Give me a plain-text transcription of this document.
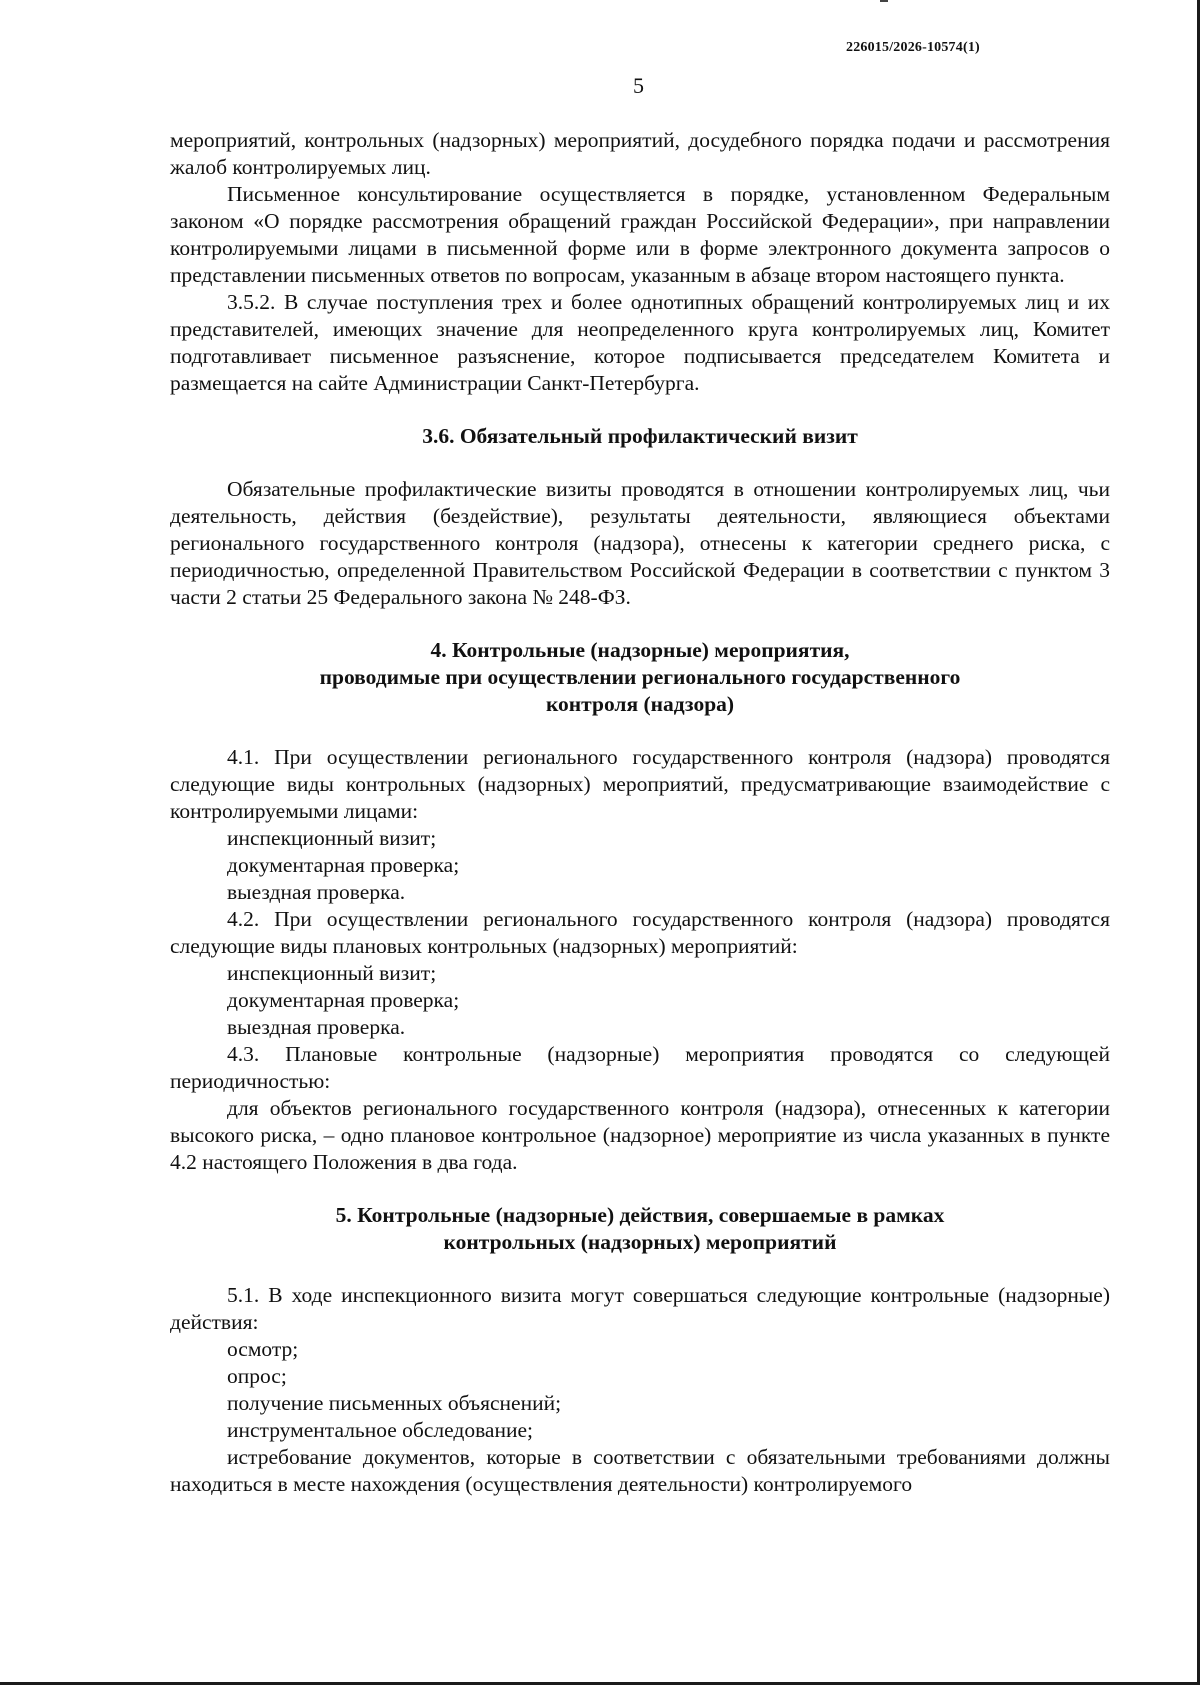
226015/2026-10574(1)
5

мероприятий, контрольных (надзорных) мероприятий, досудебного порядка подачи и рассмотрения жалоб контролируемых лиц.

Письменное консультирование осуществляется в порядке, установленном Федеральным законом «О порядке рассмотрения обращений граждан Российской Федерации», при направлении контролируемыми лицами в письменной форме или в форме электронного документа запросов о представлении письменных ответов по вопросам, указанным в абзаце втором настоящего пункта.

3.5.2. В случае поступления трех и более однотипных обращений контролируемых лиц и их представителей, имеющих значение для неопределенного круга контролируемых лиц, Комитет подготавливает письменное разъяснение, которое подписывается председателем Комитета и размещается на сайте Администрации Санкт-Петербурга.

3.6. Обязательный профилактический визит

Обязательные профилактические визиты проводятся в отношении контролируемых лиц, чьи деятельность, действия (бездействие), результаты деятельности, являющиеся объектами регионального государственного контроля (надзора), отнесены к категории среднего риска, с периодичностью, определенной Правительством Российской Федерации в соответствии с пунктом 3 части 2 статьи 25 Федерального закона № 248-ФЗ.

4. Контрольные (надзорные) мероприятия,
проводимые при осуществлении регионального государственного
контроля (надзора)

4.1. При осуществлении регионального государственного контроля (надзора) проводятся следующие виды контрольных (надзорных) мероприятий, предусматривающие взаимодействие с контролируемыми лицами:

инспекционный визит;

документарная проверка;

выездная проверка.

4.2. При осуществлении регионального государственного контроля (надзора) проводятся следующие виды плановых контрольных (надзорных) мероприятий:

инспекционный визит;

документарная проверка;

выездная проверка.

4.3. Плановые контрольные (надзорные) мероприятия проводятся со следующей периодичностью:

для объектов регионального государственного контроля (надзора), отнесенных к категории высокого риска, – одно плановое контрольное (надзорное) мероприятие из числа указанных в пункте 4.2 настоящего Положения в два года.

5. Контрольные (надзорные) действия, совершаемые в рамках
контрольных (надзорных) мероприятий

5.1. В ходе инспекционного визита могут совершаться следующие контрольные (надзорные) действия:

осмотр;

опрос;

получение письменных объяснений;

инструментальное обследование;

истребование документов, которые в соответствии с обязательными требованиями должны находиться в месте нахождения (осуществления деятельности) контролируемого
